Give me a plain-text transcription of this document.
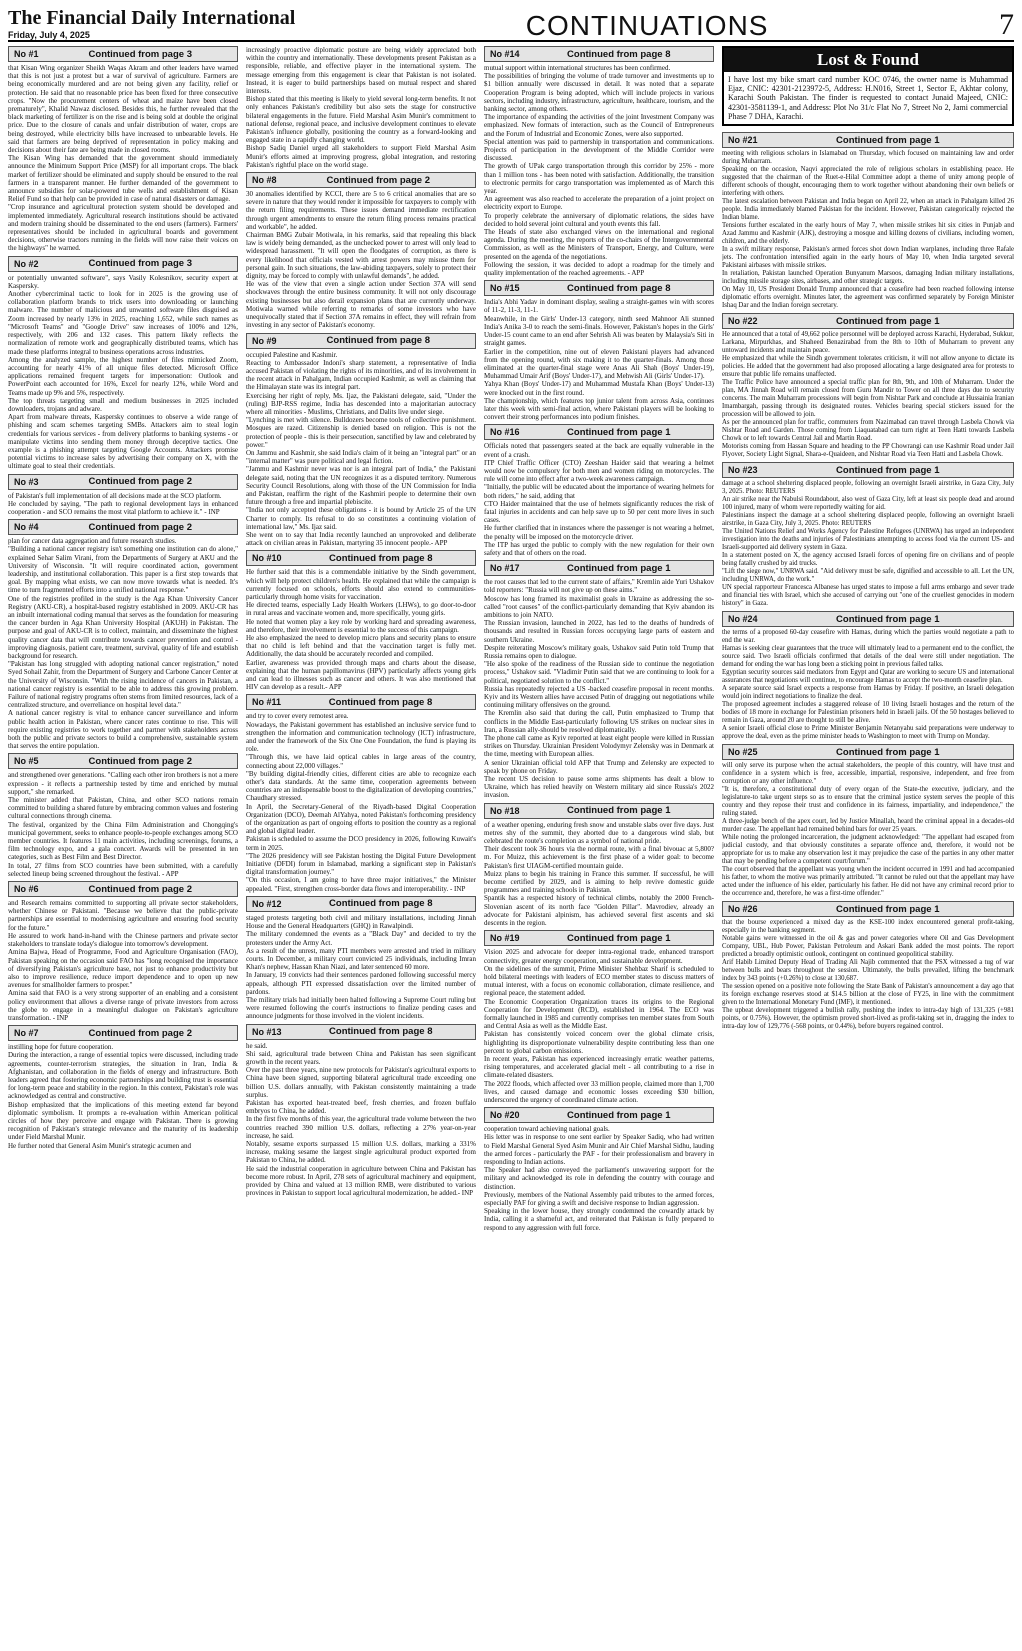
The Financial Daily International
Friday, July 4, 2025	CONTINUATIONS	7
No #1	Continued from page 3

that Kisan Wing organizer Sheikh Waqas Akram and other leaders have warned that this is not just a protest but a war of survival of agriculture. Farmers are being economically murdered and are not being given any facility, relief or protection. He said that no reasonable price has been fixed for three consecutive crops. "Now the procurement centers of wheat and maize have been closed prematurely", Khalid Nawaz disclosed. Besides this, he further revealed that the black marketing of fertilizer is on the rise and is being sold at double the original price. Due to the closure of canals and unfair distribution of water, crops are being destroyed, while electricity bills have increased to unbearable levels. He said that farmers are being deprived of representation in policy making and decisions about their fate are being made in closed rooms.

The Kisan Wing has demanded that the government should immediately announce the Minimum Support Price (MSP) for all important crops. The black market of fertilizer should be eliminated and supply should be ensured to the real farmers in a transparent manner. He further demanded of the government to announce subsidies for solar-powered tube wells and establishment of Kisan Relief Fund so that help can be provided in case of natural disasters or damage.

"Crop insurance and agricultural protection system should be developed and implemented immediately. Agricultural research institutions should be activated and modern training should be disseminated to the end users (farmers). Farmers' representatives should be included in agricultural boards and government decisions, otherwise tractors running in the fields will now raise their voices on the highways" he warned.

No #2	Continued from page 3

or potentially unwanted software", says Vasily Kolesnikov, security expert at Kaspersky.

Another cybercriminal tactic to look for in 2025 is the growing use of collaboration platform brands to trick users into downloading or launching malware. The number of malicious and unwanted software files disguised as Zoom increased by nearly 13% in 2025, reaching 1,652, while such names as "Microsoft Teams" and "Google Drive" saw increases of 100% and 12%, respectively, with 206 and 132 cases. This pattern likely reflects the normalization of remote work and geographically distributed teams, which has made these platforms integral to business operations across industries.

Among the analyzed sample, the highest number of files mimicked Zoom, accounting for nearly 41% of all unique files detected. Microsoft Office applications remained frequent targets for impersonation: Outlook and PowerPoint each accounted for 16%, Excel for nearly 12%, while Word and Teams made up 9% and 5%, respectively.

The top threats targeting small and medium businesses in 2025 included downloaders, trojans and adware.

Apart from malware threats, Kaspersky continues to observe a wide range of phishing and scam schemes targeting SMBs. Attackers aim to steal login credentials for various services - from delivery platforms to banking systems - or manipulate victims into sending them money through deceptive tactics. One example is a phishing attempt targeting Google Accounts. Attackers promise potential victims to increase sales by advertising their company on X, with the ultimate goal to steal their credentials.

No #3	Continued from page 2

of Pakistan's full implementation of all decisions made at the SCO platform.

He concluded by saying, "The path to regional development lays in enhanced cooperation - and SCO remains the most vital platform to achieve it." - INP

No #4	Continued from page 2

plan for cancer data aggregation and future research studies.

"Building a national cancer registry isn't something one institution can do alone," explained Sehar Salim Virani, from the Departments of Surgery at AKU and the University of Wisconsin. "It will require coordinated action, government leadership, and institutional collaboration. This paper is a first step towards that goal. By mapping what exists, we can now move towards what is needed. It's time to turn fragmented efforts into a unified national response."

One of the registries profiled in the study is the Aga Khan University Cancer Registry (AKU-CR), a hospital-based registry established in 2009. AKU-CR has an inbuilt international coding manual that serves as the foundation for measuring the cancer burden in Aga Khan University Hospital (AKUH) in Pakistan. The purpose and goal of AKU-CR is to collect, maintain, and disseminate the highest quality cancer data that will contribute towards cancer prevention and control - improving diagnosis, patient care, treatment, survival, quality of life and establish background for research.

"Pakistan has long struggled with adopting national cancer registration," noted Syed Sohail Zahir, from the Department of Surgery and Carbone Cancer Center at the University of Wisconsin. "With the rising incidence of cancers in Pakistan, a national cancer registry is essential to be able to address this growing problem. Failure of national registry programs often stems from limited resources, lack of a centralized structure, and overreliance on hospital level data."

A national cancer registry is vital to enhance cancer surveillance and inform public health action in Pakistan, where cancer rates continue to rise. This will require existing registries to work together and partner with stakeholders across both the public and private sectors to build a comprehensive, sustainable system that serves the entire population.

No #5	Continued from page 2

and strengthened over generations. "Calling each other iron brothers is not a mere expression - it reflects a partnership tested by time and enriched by mutual support," she remarked.

The minister added that Pakistan, China, and other SCO nations remain committed to building a shared future by embracing common values and fostering cultural connections through cinema.

The festival, organized by the China Film Administration and Chongqing's municipal government, seeks to enhance people-to-people exchanges among SCO member countries. It features 11 main activities, including screenings, forums, a film technology expo, and a gala concert. Awards will be presented in ten categories, such as Best Film and Best Director.

In total, 27 films from SCO countries have been submitted, with a carefully selected lineup being screened throughout the festival. - APP

No #6	Continued from page 2

and Research remains committed to supporting all private sector stakeholders, whether Chinese or Pakistani. "Because we believe that the public-private partnerships are essential to modernising agriculture and ensuring food security for the future."

He assured to work hand-in-hand with the Chinese partners and private sector stakeholders to translate today's dialogue into tomorrow's development.

Amina Bajwa, Head of Programme, Food and Agriculture Organisation (FAO), Pakistan speaking on the occasion said FAO has "long recognised the importance of diversifying Pakistan's agriculture base, not just to enhance productivity but also to improve resilience, reduce import dependence and to open up new avenues for smallholder farmers to prosper."

Amina said that FAO is a very strong supporter of an enabling and a consistent policy environment that allows a diverse range of private investors from across the globe to engage in a meaningful dialogue on Pakistan's agriculture transformation. - INP

No #7	Continued from page 2

instilling hope for future cooperation.

During the interaction, a range of essential topics were discussed, including trade agreements, counter-terrorism strategies, the situation in Iran, India & Afghanistan, and collaboration in the fields of energy and infrastructure. Both leaders agreed that fostering economic partnerships and building trust is essential for long-term peace and stability in the region. In this context, Pakistan's role was acknowledged as central and constructive.

Bishop emphasized that the implications of this meeting extend far beyond diplomatic symbolism. It prompts a re-evaluation within American political circles of how they perceive and engage with Pakistan. There is growing recognition of Pakistan's strategic relevance and the maturity of its leadership under Field Marshal Munir.

He further noted that General Asim Munir's strategic acumen and

increasingly proactive diplomatic posture are being widely appreciated both within the country and internationally. These developments present Pakistan as a responsible, reliable, and effective player in the international system. The message emerging from this engagement is clear that Pakistan is not isolated. Instead, it is eager to build partnerships based on mutual respect and shared interests.

Bishop stated that this meeting is likely to yield several long-term benefits. It not only enhances Pakistan's credibility but also sets the stage for constructive bilateral engagements in the future. Field Marshal Asim Munir's commitment to national defense, regional peace, and inclusive development continues to elevate Pakistan's influence globally, positioning the country as a forward-looking and engaged state in a rapidly changing world.

Bishop Sadiq Daniel urged all stakeholders to support Field Marshal Asim Munir's efforts aimed at improving progress, global integration, and restoring Pakistan's rightful place on the world stage.

No #8	Continued from page 2

30 anomalies identified by KCCI, there are 5 to 6 critical anomalies that are so severe in nature that they would render it impossible for taxpayers to comply with the return filing requirements. These issues demand immediate rectification through urgent amendments to ensure the return filing process remains practical and workable", he added.

Chairman BMG Zubair Motiwala, in his remarks, said that repealing this black law is widely being demanded, as the unchecked power to arrest will only lead to widespread harassment. "It will open the floodgates of corruption, as there is every likelihood that officials vested with arrest powers may misuse them for personal gain. In such situations, the law-abiding taxpayers, solely to protect their dignity, may be forced to comply with unlawful demands", he added.

He was of the view that even a single action under Section 37A will send shockwaves through the entire business community. It will not only discourage existing businesses but also derail expansion plans that are currently underway. Motiwala warned while referring to remarks of some investors who have unequivocally stated that if Section 37A remains in effect, they will refrain from investing in any sector of Pakistan's economy.

No #9	Continued from page 8

occupied Palestine and Kashmir.

Reacting to Ambassador Indoni's sharp statement, a representative of India accused Pakistan of violating the rights of its minorities, and of its involvement in the recent attack in Pahalgam, Indian occupied Kashmir, as well as claiming that the Himalayan state was its integral part.

Exercising her right of reply, Ms. Ijaz, the Pakistani delegate, said, "Under the (ruling) BJP-RSS regime, India has descended into a majoritarian autocracy where all minorities - Muslims, Christians, and Dalits live under siege.

"Lynching is met with silence. Bulldozers become tools of collective punishment. Mosques are razed. Citizenship is denied based on religion. This is not the protection of people - this is their persecution, sanctified by law and celebrated by power."

On Jammu and Kashmir, she said India's claim of it being an "integral part" or an "internal matter" was pure political and legal fiction.

"Jammu and Kashmir never was nor is an integral part of India," the Pakistani delegate said, noting that the UN recognizes it as a disputed territory. Numerous Security Council Resolutions, along with those of the UN Commission for India and Pakistan, reaffirm the right of the Kashmiri people to determine their own future through a free and impartial plebiscite.

"India not only accepted these obligations - it is bound by Article 25 of the UN Charter to comply. Its refusal to do so constitutes a continuing violation of international law," Ms. Ijaz said.

She went on to say that India recently launched an unprovoked and deliberate attack on civilian areas in Pakistan, martyring 35 innocent people.- APP

No #10	Continued from page 8

He further said that this is a commendable initiative by the Sindh government, which will help protect children's health. He explained that while the campaign is currently focused on schools, efforts should also extend to communities-particularly through home visits for vaccination.

He directed teams, especially Lady Health Workers (LHWs), to go door-to-door in rural areas and vaccinate women and, more specifically, young girls.

He noted that women play a key role by working hard and spreading awareness, and therefore, their involvement is essential to the success of this campaign.

He also emphasized the need to develop micro plans and security plans to ensure that no child is left behind and that the vaccination target is fully met. Additionally, the data should be accurately recorded and compiled.

Earlier, awareness was provided through maps and charts about the disease, explaining that the human papillomavirus (HPV) particularly affects young girls and can lead to illnesses such as cancer and others. It was also mentioned that HIV can develop as a result.- APP

No #11	Continued from page 8

and try to cover every remotest area.

Nowadays, the Pakistani government has established an inclusive service fund to strengthen the information and communication technology (ICT) infrastructure, and under the framework of the Six One One Foundation, the fund is playing its role.

"Through this, we have laid optical cables in large areas of the country, connecting about 22,000 villages."

"By building digital-friendly cities, different cities are able to recognize each other's data standards. At the same time, cooperation agreements between countries are an indispensable boost to the digitalization of developing countries," Chaudhary stressed.

In April, the Secretary-General of the Riyadh-based Digital Cooperation Organization (DCO), Deemah AlYahya, noted Pakistan's forthcoming presidency of the organization as part of ongoing efforts to position the country as a regional and global digital leader.

Pakistan is scheduled to assume the DCO presidency in 2026, following Kuwait's term in 2025.

"The 2026 presidency will see Pakistan hosting the Digital Future Development Initiative (DFDI) forum in Islamabad, marking a significant step in Pakistan's digital transformation journey."

"On this occasion, I am going to have three major initiatives," the Minister appealed. "First, strengthen cross-border data flows and interoperability. - INP

No #12	Continued from page 8

staged protests targeting both civil and military installations, including Jinnah House and the General Headquarters (GHQ) in Rawalpindi.

The military condemned the events as a "Black Day" and decided to try the protesters under the Army Act.

As a result of the unrest, many PTI members were arrested and tried in military courts. In December, a military court convicted 25 individuals, including Imran Khan's nephew, Hassan Khan Niazi, and later sentenced 60 more.

In January, 19 convicts had their sentences pardoned following successful mercy appeals, although PTI expressed dissatisfaction over the limited number of pardons.

The military trials had initially been halted following a Supreme Court ruling but were resumed following the court's instructions to finalize pending cases and announce judgments for those involved in the violent incidents.

No #13	Continued from page 8

he said.

Shi said, agricultural trade between China and Pakistan has seen significant growth in the recent years.

Over the past three years, nine new protocols for Pakistan's agricultural exports to China have been signed, supporting bilateral agricultural trade exceeding one billion U.S. dollars annually, with Pakistan consistently maintaining a trade surplus.

Pakistan has exported heat-treated beef, fresh cherries, and frozen buffalo embryos to China, he added.

In the first five months of this year, the agricultural trade volume between the two countries reached 390 million U.S. dollars, reflecting a 27% year-on-year increase, he said.

Notably, sesame exports surpassed 15 million U.S. dollars, marking a 331% increase, making sesame the largest single agricultural product exported from Pakistan to China, he added.

He said the industrial cooperation in agriculture between China and Pakistan has become more robust. In April, 278 sets of agricultural machinery and equipment, provided by China and valued at 13 million RMB, were distributed to various provinces in Pakistan to support local agricultural modernization, he added.- INP

No #14	Continued from page 8

mutual support within international structures has been confirmed.

The possibilities of bringing the volume of trade turnover and investments up to $1 billion annually were discussed in detail. It was noted that a separate Cooperation Program is being adopted, which will include projects in various sectors, including industry, infrastructure, agriculture, healthcare, tourism, and the banking sector, among others.

The importance of expanding the activities of the joint Investment Company was emphasized. New formats of interaction, such as the Council of Entrepreneurs and the Forum of Industrial and Economic Zones, were also supported.

Special attention was paid to partnership in transportation and communications. Projects of participation in the development of the Middle Corridor were discussed.

The growth of UPak cargo transportation through this corridor by 25% - more than 1 million tons - has been noted with satisfaction. Additionally, the transition to electronic permits for cargo transportation was implemented as of March this year.

An agreement was also reached to accelerate the preparation of a joint project on electricity export to Europe.

To properly celebrate the anniversary of diplomatic relations, the sides have decided to hold several joint cultural and youth events this fall.

The Heads of state also exchanged views on the international and regional agenda. During the meeting, the reports of the co-chairs of the Intergovernmental Commission, as well as the Ministers of Transport, Energy, and Culture, were presented on the agenda of the negotiations.

Following the session, it was decided to adopt a roadmap for the timely and quality implementation of the reached agreements. - APP

No #15	Continued from page 8

India's Abhi Yadav in dominant display, sealing a straight-games win with scores of 11-2, 11-3, 11-1.

Meanwhile, in the Girls' Under-13 category, ninth seed Mahnoor Ali stunned India's Anika 3-0 to reach the semi-finals. However, Pakistan's hopes in the Girls' Under-15 count came to an end after Sehrish Ali was beaten by Malaysia's Siti in straight games.

Earlier in the competition, nine out of eleven Pakistani players had advanced from the opening round, with six making it to the quarter-finals. Among those eliminated at the quarter-final stage were Anas Ali Shah (Boys' Under-19), Muhammad Umair Arif (Boys' Under-17), and Mehwish Ali (Girls' Under-17).

Yahya Khan (Boys' Under-17) and Muhammad Mustafa Khan (Boys' Under-13) were knocked out in the first round.

The championship, which features top junior talent from across Asia, continues later this week with semi-final action, where Pakistani players will be looking to convert their strong performances into podium finishes.

No #16	Continued from page 1

Officials noted that passengers seated at the back are equally vulnerable in the event of a crash.

ITP Chief Traffic Officer (CTO) Zeeshan Haider said that wearing a helmet would now be compulsory for both men and women riding on motorcycles. The rule will come into effect after a two-week awareness campaign.

"Initially, the public will be educated about the importance of wearing helmets for both riders," he said, adding that

CTO Haider maintained that the use of helmets significantly reduces the risk of fatal injuries in accidents and can help save up to 50 per cent more lives in such cases.

He further clarified that in instances where the passenger is not wearing a helmet, the penalty will be imposed on the motorcycle driver.

The ITP has urged the public to comply with the new regulation for their own safety and that of others on the road.

No #17	Continued from page 1

the root causes that led to the current state of affairs," Kremlin aide Yuri Ushakov told reporters: "Russia will not give up on these aims."

Moscow has long framed its maximalist goals in Ukraine as addressing the so-called "root causes" of the conflict-particularly demanding that Kyiv abandon its ambitions to join NATO.

The Russian invasion, launched in 2022, has led to the deaths of hundreds of thousands and resulted in Russian forces occupying large parts of eastern and southern Ukraine.

Despite reiterating Moscow's military goals, Ushakov said Putin told Trump that Russia remains open to dialogue.

"He also spoke of the readiness of the Russian side to continue the negotiation process," Ushakov said. "Vladimir Putin said that we are continuing to look for a political, negotiated solution to the conflict."

Russia has repeatedly rejected a US -backed ceasefire proposal in recent months. Kyiv and its Western allies have accused Putin of dragging out negotiations while continuing military offensives on the ground.

The Kremlin also said that during the call, Putin emphasized to Trump that conflicts in the Middle East-particularly following US strikes on nuclear sites in Iran, a Russian ally-should be resolved diplomatically.

The phone call came as Kyiv reported at least eight people were killed in Russian strikes on Thursday. Ukrainian President Volodymyr Zelensky was in Denmark at the time, meeting with European allies.

A senior Ukrainian official told AFP that Trump and Zelensky are expected to speak by phone on Friday.

The recent US decision to pause some arms shipments has dealt a blow to Ukraine, which has relied heavily on Western military aid since Russia's 2022 invasion.

No #18	Continued from page 1

of a weather opening, enduring fresh snow and unstable slabs over five days. Just metres shy of the summit, they aborted due to a dangerous wind slab, but celebrated the route's completion as a symbol of national pride.

Their descent took 36 hours via the normal route, with a final bivouac at 5,800?m. For Muizz, this achievement is the first phase of a wider goal: to become Pakistan's first UIAGM-certified mountain guide.

Muizz plans to begin his training in France this summer. If successful, he will become certified by 2029, and is aiming to help revive domestic guide programmes and training schools in Pakistan.

Spantik has a respected history of technical climbs, notably the 2000 French-Slovenian ascent of its north face "Golden Pillar". Mavrodiev, already an advocate for Pakistani alpinism, has achieved several first ascents and ski descents in the region.

No #19	Continued from page 1

Vision 2025 and advocate for deeper intra-regional trade, enhanced transport connectivity, greater energy cooperation, and sustainable development.

On the sidelines of the summit, Prime Minister Shehbaz Sharif is scheduled to hold bilateral meetings with leaders of ECO member states to discuss matters of mutual interest, with a focus on economic collaboration, climate resilience, and regional peace, the statement added.

The Economic Cooperation Organization traces its origins to the Regional Cooperation for Development (RCD), established in 1964. The ECO was formally launched in 1985 and currently comprises ten member states from South and Central Asia as well as the Middle East.

Pakistan has consistently voiced concern over the global climate crisis, highlighting its disproportionate vulnerability despite contributing less than one percent to global carbon emissions.

In recent years, Pakistan has experienced increasingly erratic weather patterns, rising temperatures, and accelerated glacial melt - all contributing to a rise in climate-related disasters.

The 2022 floods, which affected over 33 million people, claimed more than 1,700 lives, and caused damage and economic losses exceeding $30 billion, underscored the urgency of coordinated climate action.

No #20	Continued from page 1

cooperation toward achieving national goals.

His letter was in response to one sent earlier by Speaker Sadiq, who had written to Field Marshal General Syed Asim Munir and Air Chief Marshal Sidhu, lauding the armed forces - particularly the PAF - for their professionalism and bravery in responding to Indian actions.

The Speaker had also conveyed the parliament's unwavering support for the military and acknowledged its role in defending the country with courage and distinction.

Previously, members of the National Assembly paid tributes to the armed forces, especially PAF for giving a swift and decisive response to Indian aggression.

Speaking in the lower house, they strongly condemned the cowardly attack by India, calling it a shameful act, and reiterated that Pakistan is fully prepared to respond to any aggression with full force.

Lost & Found
I have lost my bike smart card number KOC 0746, the owner name is Muhammad Ejaz, CNIC: 42301-2123972-5, Address: H.N016, Street 1, Sector E, Akhtar colony, Karachi South Pakistan. The finder is requested to contact Junaid Majeed, CNIC: 42301-3581139-1, and Address: Plot No 31/c Flat No 7, Street No 2, Jami commercial Phase 7 DHA, Karachi.
No #21	Continued from page 1

meeting with religious scholars in Islamabad on Thursday, which focused on maintaining law and order during Muharram.

Speaking on the occasion, Naqvi appreciated the role of religious scholars in establishing peace. He suggested that the chairman of the Ruet-e-Hilal Committee adopt a theme of unity among people of different schools of thought, encouraging them to work together without abandoning their own beliefs or interfering with others.

The latest escalation between Pakistan and India began on April 22, when an attack in Pahalgam killed 26 people. India immediately blamed Pakistan for the incident. However, Pakistan categorically rejected the Indian blame.

Tensions further escalated in the early hours of May 7, when missile strikes hit six cities in Punjab and Azad Jammu and Kashmir (AJK), destroying a mosque and killing dozens of civilians, including women, children, and the elderly.

In a swift military response, Pakistan's armed forces shot down Indian warplanes, including three Rafale jets. The confrontation intensified again in the early hours of May 10, when India targeted several Pakistani airbases with missile strikes.

In retaliation, Pakistan launched Operation Bunyanum Marsoos, damaging Indian military installations, including missile storage sites, airbases, and other strategic targets.

On May 10, US President Donald Trump announced that a ceasefire had been reached following intense diplomatic efforts overnight. Minutes later, the agreement was confirmed separately by Foreign Minister Ishaq Dar and the Indian foreign secretary.

No #22	Continued from page 1

He announced that a total of 49,662 police personnel will be deployed across Karachi, Hyderabad, Sukkur, Larkana, Mirpurkhas, and Shaheed Benazirabad from the 8th to 10th of Muharram to prevent any untoward incidents and maintain peace.

He emphasized that while the Sindh government tolerates criticism, it will not allow anyone to dictate its policies. He added that the government had also proposed allocating a large designated area for protests to ensure that public life remains unaffected.

The Traffic Police have announced a special traffic plan for 8th, 9th, and 10th of Muharram. Under the plan, MA Jinnah Road will remain closed from Guru Mandir to Tower on all three days due to security concerns. The main Muharram processions will begin from Nishtar Park and conclude at Hussainia Iranian Imambargah, passing through its designated routes. Vehicles bearing special stickers issued for the procession will be allowed to join.

As per the announced plan for traffic, commuters from Nazimabad can travel through Lasbela Chowk via Nishtar Road and Garden. Those coming from Liaquatabad can turn right at Teen Hatti towards Lasbela Chowk or to left towards Central Jail and Martin Road.

Motorists coming from Hassan Square and heading to the PP Chowrangi can use Kashmir Road under Jail Flyover, Society Light Signal, Shara-e-Quaideen, and Nishtar Road via Teen Hatti and Lasbela Chowk.

No #23	Continued from page 1

damage at a school sheltering displaced people, following an overnight Israeli airstrike, in Gaza City, July 3, 2025. Photo: REUTERS

An air strike near the Nabulsi Roundabout, also west of Gaza City, left at least six people dead and around 100 injured, many of whom were reportedly waiting for aid.

Palestinians inspect the damage at a school sheltering displaced people, following an overnight Israeli airstrike, in Gaza City, July 3, 2025. Photo: REUTERS

The United Nations Relief and Works Agency for Palestine Refugees (UNRWA) has urged an independent investigation into the deaths and injuries of Palestinians attempting to access food via the current US- and Israeli-supported aid delivery system in Gaza.

In a statement posted on X, the agency accused Israeli forces of opening fire on civilians and of people being fatally crushed by aid trucks.

"Lift the siege now," UNRWA said. "Aid delivery must be safe, dignified and accessible to all. Let the UN, including UNRWA, do the work."

UN special rapporteur Francesca Albanese has urged states to impose a full arms embargo and sever trade and financial ties with Israel, which she accused of carrying out "one of the cruellest genocides in modern history" in Gaza.

No #24	Continued from page 1

the terms of a proposed 60-day ceasefire with Hamas, during which the parties would negotiate a path to end the war.

Hamas is seeking clear guarantees that the truce will ultimately lead to a permanent end to the conflict, the source said. Two Israeli officials confirmed that details of the deal were still under negotiation. The demand for ending the war has long been a sticking point in previous failed talks.

Egyptian security sources said mediators from Egypt and Qatar are working to secure US and international assurances that negotiations will continue, to encourage Hamas to accept the two-month ceasefire plan.

A separate source said Israel expects a response from Hamas by Friday. If positive, an Israeli delegation would join indirect negotiations to finalize the deal.

The proposed agreement includes a staggered release of 10 living Israeli hostages and the return of the bodies of 18 more in exchange for Palestinian prisoners held in Israeli jails. Of the 50 hostages believed to remain in Gaza, around 20 are thought to still be alive.

A senior Israeli official close to Prime Minister Benjamin Netanyahu said preparations were underway to approve the deal, even as the prime minister heads to Washington to meet with Trump on Monday.

No #25	Continued from page 1

will only serve its purpose when the actual stakeholders, the people of this country, will have trust and confidence in a system which is free, accessible, impartial, responsive, independent, and free from corruption or any other influence."

"It is, therefore, a constitutional duty of every organ of the State-the executive, judiciary, and the legislature-to take urgent steps so as to ensure that the criminal justice system serves the people of this country and they repose their trust and confidence in its fairness, impartiality, and independence," the ruling stated.

A three-judge bench of the apex court, led by Justice Minallah, heard the criminal appeal in a decades-old murder case. The appellant had remained behind bars for over 25 years.

While noting the prolonged incarceration, the judgment acknowledged: "The appellant had escaped from judicial custody, and that obviously constitutes a separate offence and, therefore, it would not be appropriate for us to make any observation lest it may prejudice the case of the parties in any other matter that may be pending before a competent court/forum."

The court observed that the appellant was young when the incident occurred in 1991 and had accompanied his father, to whom the motive was primarily attributed. "It cannot be ruled out that the appellant may have acted under the influence of his elder, particularly his father. He did not have any criminal record prior to the occurrence and, therefore, he was a first-time offender."

No #26	Continued from page 1

that the bourse experienced a mixed day as the KSE-100 index encountered general profit-taking, especially in the banking segment.

Notable gains were witnessed in the oil & gas and power categories where Oil and Gas Development Company, UBL, Hub Power, Pakistan Petroleum and Askari Bank added the most points. The report predicted a broadly optimistic outlook, contingent on continued geopolitical stability.

Arif Habib Limited Deputy Head of Trading Ali Najib commented that the PSX witnessed a tug of war between bulls and bears throughout the session. Ultimately, the bulls prevailed, lifting the benchmark index by 343 points (+0.26%) to close at 130,687.

The session opened on a positive note following the State Bank of Pakistan's announcement a day ago that its foreign exchange reserves stood at $14.5 billion at the close of FY25, in line with the commitment given to the International Monetary Fund (IMF), it mentioned.

The upbeat development triggered a bullish rally, pushing the index to intra-day high of 131,325 (+981 points, or 0.75%). However, the optimism proved short-lived as profit-taking set in, dragging the index to intra-day low of 129,776 (-568 points, or 0.44%), before buyers regained control.
